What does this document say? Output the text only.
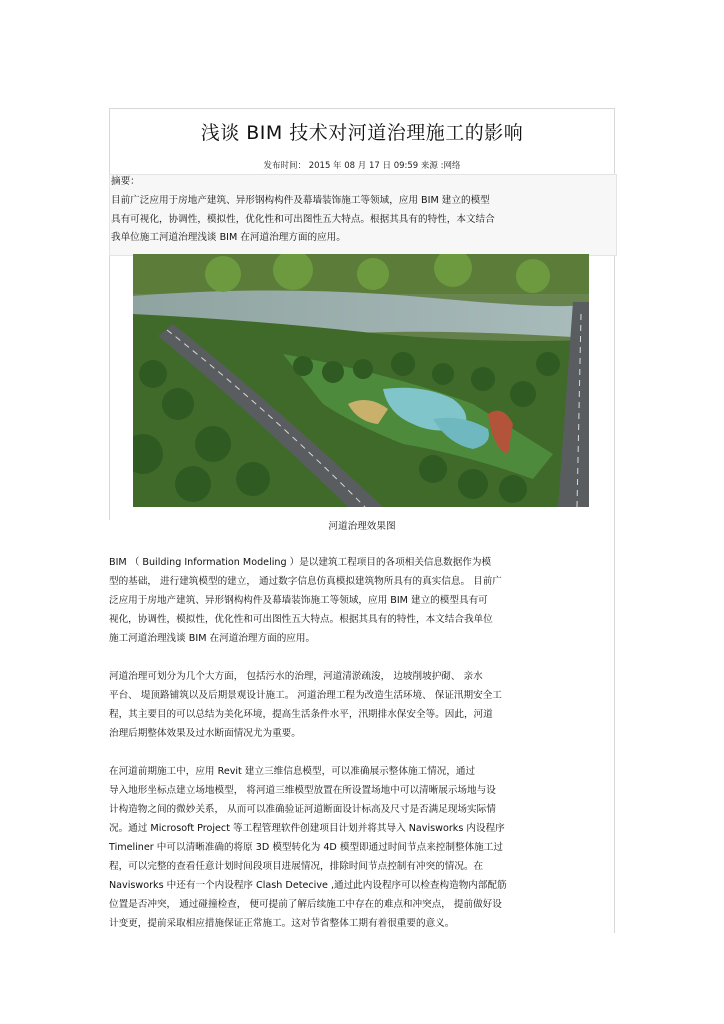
浅谈 BIM 技术对河道治理施工的影响
发布时间： 2015 年 08 月 17 日 09:59 来源 :网络
摘要：
目前广泛应用于房地产建筑、异形钢构构件及幕墙装饰施工等领域，应用 BIM 建立的模型
具有可视化，协调性，模拟性，优化性和可出图性五大特点。根据其具有的特性，本文结合
我单位施工河道治理浅谈 BIM 在河道治理方面的应用。
河道治理效果图
BIM （ Building Information Modeling ）是以建筑工程项目的各项相关信息数据作为模
型的基础， 进行建筑模型的建立， 通过数字信息仿真模拟建筑物所具有的真实信息。 目前广
泛应用于房地产建筑、异形钢构构件及幕墙装饰施工等领域，应用 BIM 建立的模型具有可
视化，协调性，模拟性，优化性和可出图性五大特点。根据其具有的特性，本文结合我单位
施工河道治理浅谈 BIM 在河道治理方面的应用。
河道治理可划分为几个大方面， 包括污水的治理，河道清淤疏浚， 边坡削坡护砌、 亲水
平台、 堤顶路铺筑以及后期景观设计施工。 河道治理工程为改造生活环境、 保证汛期安全工
程，其主要目的可以总结为美化环境，提高生活条件水平，汛期排水保安全等。因此，河道
治理后期整体效果及过水断面情况尤为重要。
在河道前期施工中，应用 Revit 建立三维信息模型，可以准确展示整体施工情况，通过
导入地形坐标点建立场地模型， 将河道三维模型放置在所设置场地中可以清晰展示场地与设
计构造物之间的微妙关系， 从而可以准确验证河道断面设计标高及尺寸是否满足现场实际情
况。通过 Microsoft Project 等工程管理软件创建项目计划并将其导入 Navisworks 内设程序
Timeliner 中可以清晰准确的将原 3D 模型转化为 4D 模型即通过时间节点来控制整体施工过
程，可以完整的查看任意计划时间段项目进展情况，排除时间节点控制有冲突的情况。在
Navisworks 中还有一个内设程序 Clash Detecive ,通过此内设程序可以检查构造物内部配筋
位置是否冲突， 通过碰撞检查， 便可提前了解后续施工中存在的难点和冲突点， 提前做好设
计变更，提前采取相应措施保证正常施工。这对节省整体工期有着很重要的意义。
